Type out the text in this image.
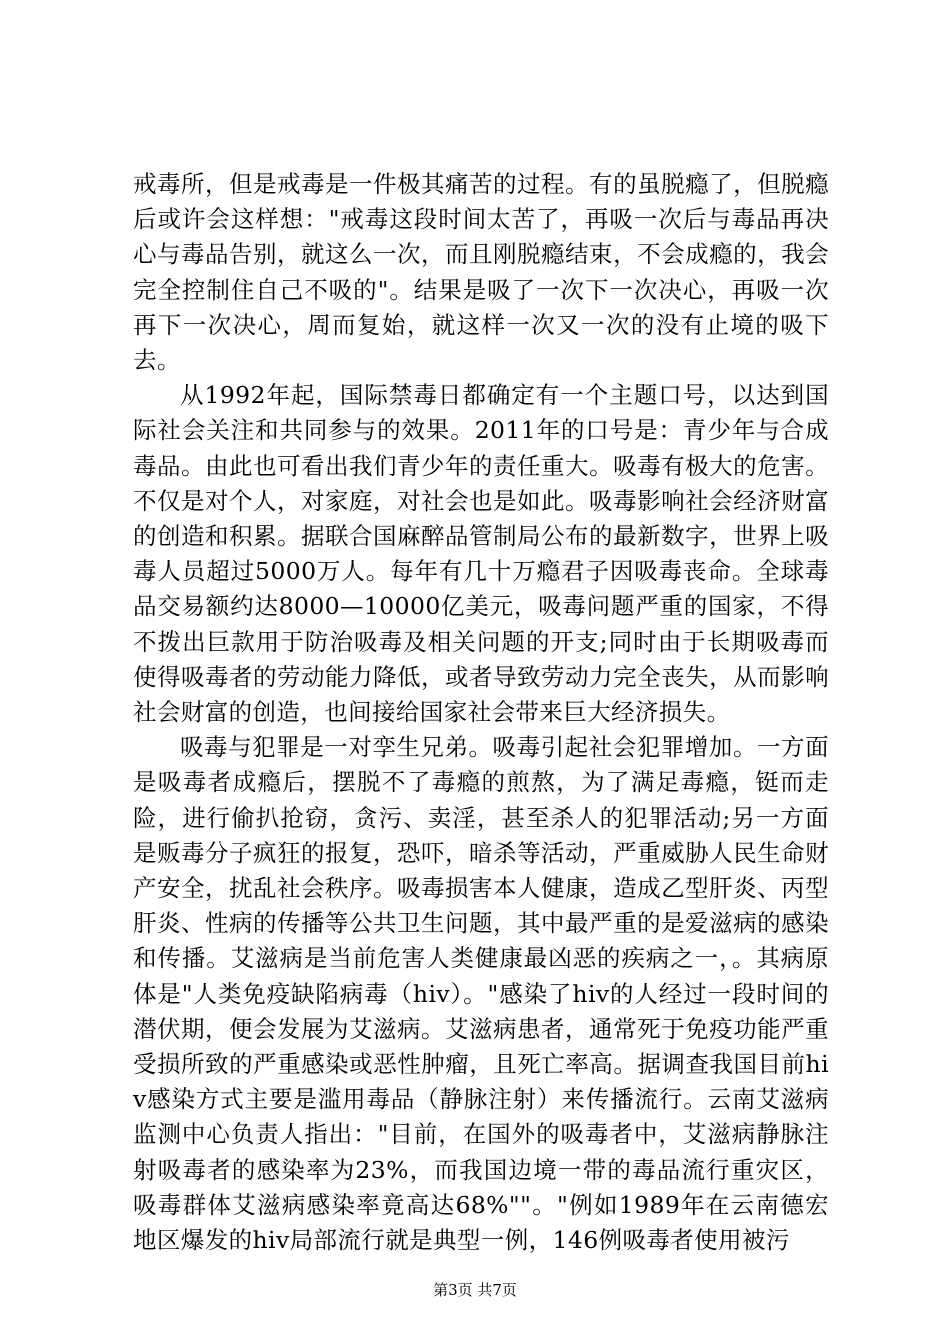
戒毒所，但是戒毒是一件极其痛苦的过程。有的虽脱瘾了，但脱瘾后或许会这样想："戒毒这段时间太苦了，再吸一次后与毒品再决心与毒品告别，就这么一次，而且刚脱瘾结束，不会成瘾的，我会完全控制住自己不吸的"。结果是吸了一次下一次决心，再吸一次再下一次决心，周而复始，就这样一次又一次的没有止境的吸下去。

从1992年起，国际禁毒日都确定有一个主题口号，以达到国际社会关注和共同参与的效果。2011年的口号是：青少年与合成毒品。由此也可看出我们青少年的责任重大。吸毒有极大的危害。不仅是对个人，对家庭，对社会也是如此。吸毒影响社会经济财富的创造和积累。据联合国麻醉品管制局公布的最新数字，世界上吸毒人员超过5000万人。每年有几十万瘾君子因吸毒丧命。全球毒品交易额约达8000—10000亿美元，吸毒问题严重的国家，不得不拨出巨款用于防治吸毒及相关问题的开支;同时由于长期吸毒而使得吸毒者的劳动能力降低，或者导致劳动力完全丧失，从而影响社会财富的创造，也间接给国家社会带来巨大经济损失。

吸毒与犯罪是一对孪生兄弟。吸毒引起社会犯罪增加。一方面是吸毒者成瘾后，摆脱不了毒瘾的煎熬，为了满足毒瘾，铤而走险，进行偷扒抢窃，贪污、卖淫，甚至杀人的犯罪活动;另一方面是贩毒分子疯狂的报复，恐吓，暗杀等活动，严重威胁人民生命财产安全，扰乱社会秩序。吸毒损害本人健康，造成乙型肝炎、丙型肝炎、性病的传播等公共卫生问题，其中最严重的是爱滋病的感染和传播。艾滋病是当前危害人类健康最凶恶的疾病之一，。其病原体是"人类免疫缺陷病毒（hiv）。"感染了hiv的人经过一段时间的潜伏期，便会发展为艾滋病。艾滋病患者，通常死于免疫功能严重受损所致的严重感染或恶性肿瘤，且死亡率高。据调查我国目前hiv感染方式主要是滥用毒品（静脉注射）来传播流行。云南艾滋病监测中心负责人指出："目前，在国外的吸毒者中，艾滋病静脉注射吸毒者的感染率为23%，而我国边境一带的毒品流行重灾区，吸毒群体艾滋病感染率竟高达68%""。"例如1989年在云南德宏地区爆发的hiv局部流行就是典型一例，146例吸毒者使用被污

第3页 共7页
